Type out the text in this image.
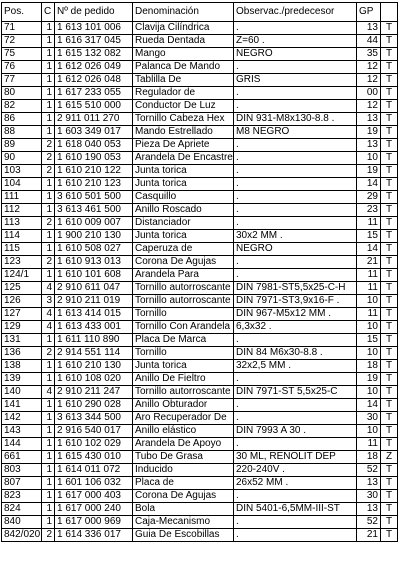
Pos.	C	Nº de pedido	Denominación	Observac./predecesor	GP	
71	1	1 613 101 006	Clavija Cilíndrica	.	13	T
72	1	1 616 317 045	Rueda Dentada	Z=60 .	44	T
75	1	1 615 132 082	Mango	NEGRO	35	T
76	1	1 612 026 049	Palanca De Mando	.	12	T
77	1	1 612 026 048	Tablilla De	GRIS	12	T
80	1	1 617 233 055	Regulador de	.	00	T
82	1	1 615 510 000	Conductor De Luz	.	12	T
86	1	2 911 011 270	Tornillo Cabeza Hex	DIN 931-M8x130-8.8 .	13	T
88	1	1 603 349 017	Mando Estrellado	M8 NEGRO	19	T
89	2	1 618 040 053	Pieza De Apriete	.	13	T
90	2	1 610 190 053	Arandela De Encastre	.	10	T
103	2	1 610 210 122	Junta torica	.	19	T
104	1	1 610 210 123	Junta torica	.	14	T
111	1	3 610 501 500	Casquillo	.	29	T
112	1	3 613 461 500	Anillo Roscado	.	23	T
113	2	1 610 009 007	Distanciador	.	11	T
114	1	1 900 210 130	Junta torica	30x2 MM .	15	T
115	1	1 610 508 027	Caperuza de	NEGRO	14	T
123	2	1 610 913 013	Corona De Agujas	.	21	T
124/1	1	1 610 101 608	Arandela Para	.	11	T
125	4	2 910 611 047	Tornillo autorroscante	DIN 7981-ST5,5x25-C-H	11	T
126	3	2 910 211 019	Tornillo autorroscante	DIN 7971-ST3,9x16-F .	10	T
127	4	1 613 414 015	Tornillo	DIN 967-M5x12 MM .	11	T
129	4	1 613 433 001	Tornillo Con Arandela	6,3x32 .	10	T
131	1	1 611 110 890	Placa De Marca	.	15	T
136	2	2 914 551 114	Tornillo	DIN 84 M6x30-8.8 .	10	T
138	1	1 610 210 130	Junta torica	32x2,5 MM .	18	T
139	1	1 610 108 020	Anillo De Fieltro	.	19	T
140	4	2 910 211 247	Tornillo autorroscante	DIN 7971-ST 5,5x25-C	10	T
141	1	1 610 290 028	Anillo Obturador	.	14	T
142	1	3 613 344 500	Aro Recuperador De	.	30	T
143	1	2 916 540 017	Anillo elástico	DIN 7993 A 30 .	10	T
144	1	1 610 102 029	Arandela De Apoyo	.	11	T
661	1	1 615 430 010	Tubo De Grasa	30 ML, RENOLIT DEP	18	Z
803	1	1 614 011 072	Inducido	220-240V .	52	T
807	1	1 601 106 032	Placa de	26x52 MM .	13	T
823	1	1 617 000 403	Corona De Agujas	.	30	T
824	1	1 617 000 240	Bola	DIN 5401-6,5MM-III-ST	13	T
840	1	1 617 000 969	Caja-Mecanismo	.	52	T
842/020	2	1 614 336 017	Guia De Escobillas	.	21	T
